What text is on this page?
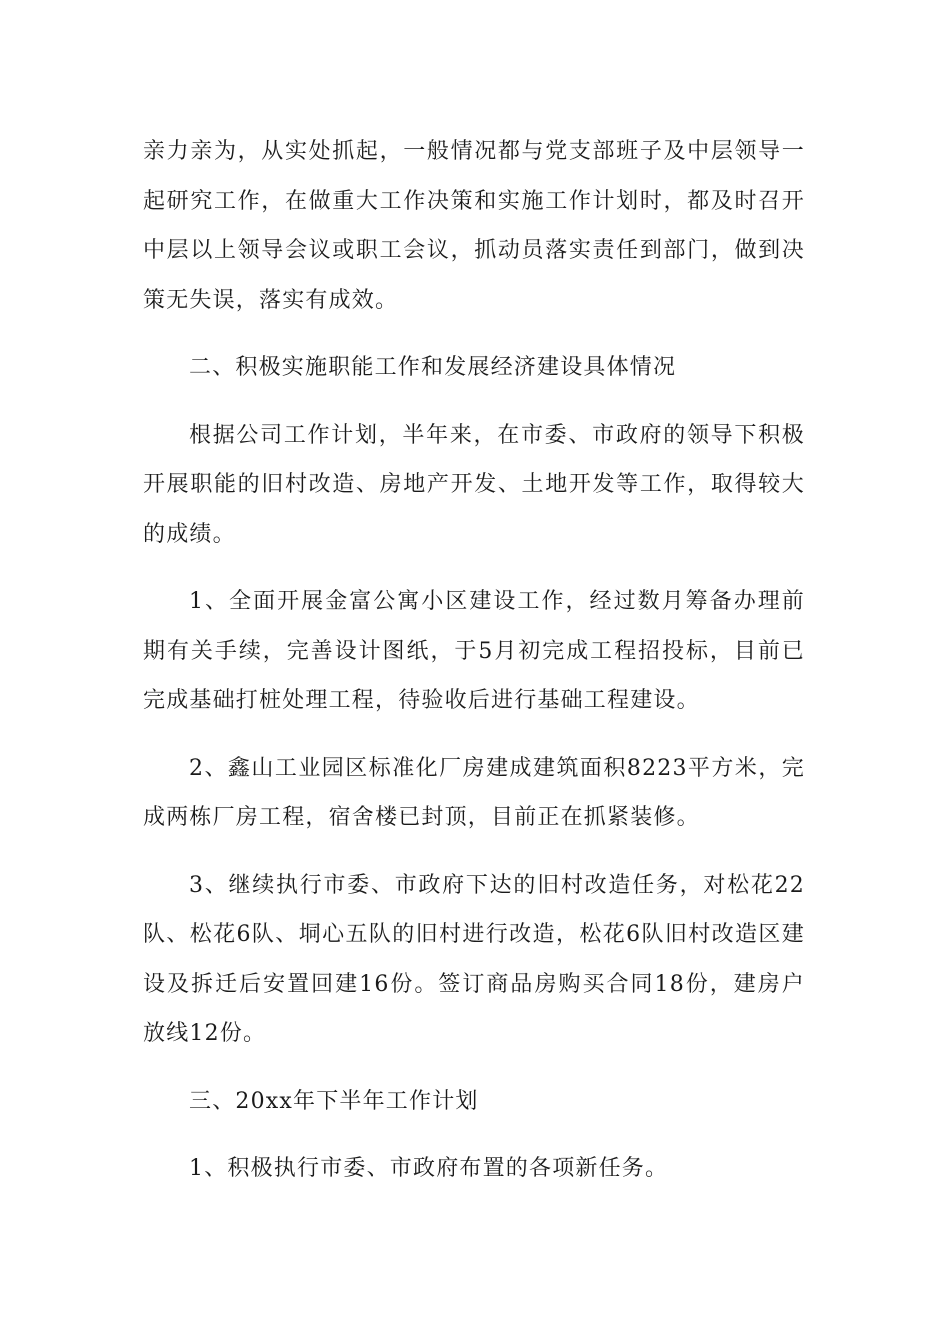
亲力亲为，从实处抓起，一般情况都与党支部班子及中层领导一起研究工作，在做重大工作决策和实施工作计划时，都及时召开中层以上领导会议或职工会议，抓动员落实责任到部门，做到决策无失误，落实有成效。

二、积极实施职能工作和发展经济建设具体情况

根据公司工作计划，半年来，在市委、市政府的领导下积极开展职能的旧村改造、房地产开发、土地开发等工作，取得较大的成绩。

1、全面开展金富公寓小区建设工作，经过数月筹备办理前期有关手续，完善设计图纸，于5月初完成工程招投标，目前已完成基础打桩处理工程，待验收后进行基础工程建设。

2、鑫山工业园区标准化厂房建成建筑面积8223平方米，完成两栋厂房工程，宿舍楼已封顶，目前正在抓紧装修。

3、继续执行市委、市政府下达的旧村改造任务，对松花22队、松花6队、垌心五队的旧村进行改造，松花6队旧村改造区建设及拆迁后安置回建16份。签订商品房购买合同18份，建房户放线12份。

三、20xx年下半年工作计划

1、积极执行市委、市政府布置的各项新任务。
